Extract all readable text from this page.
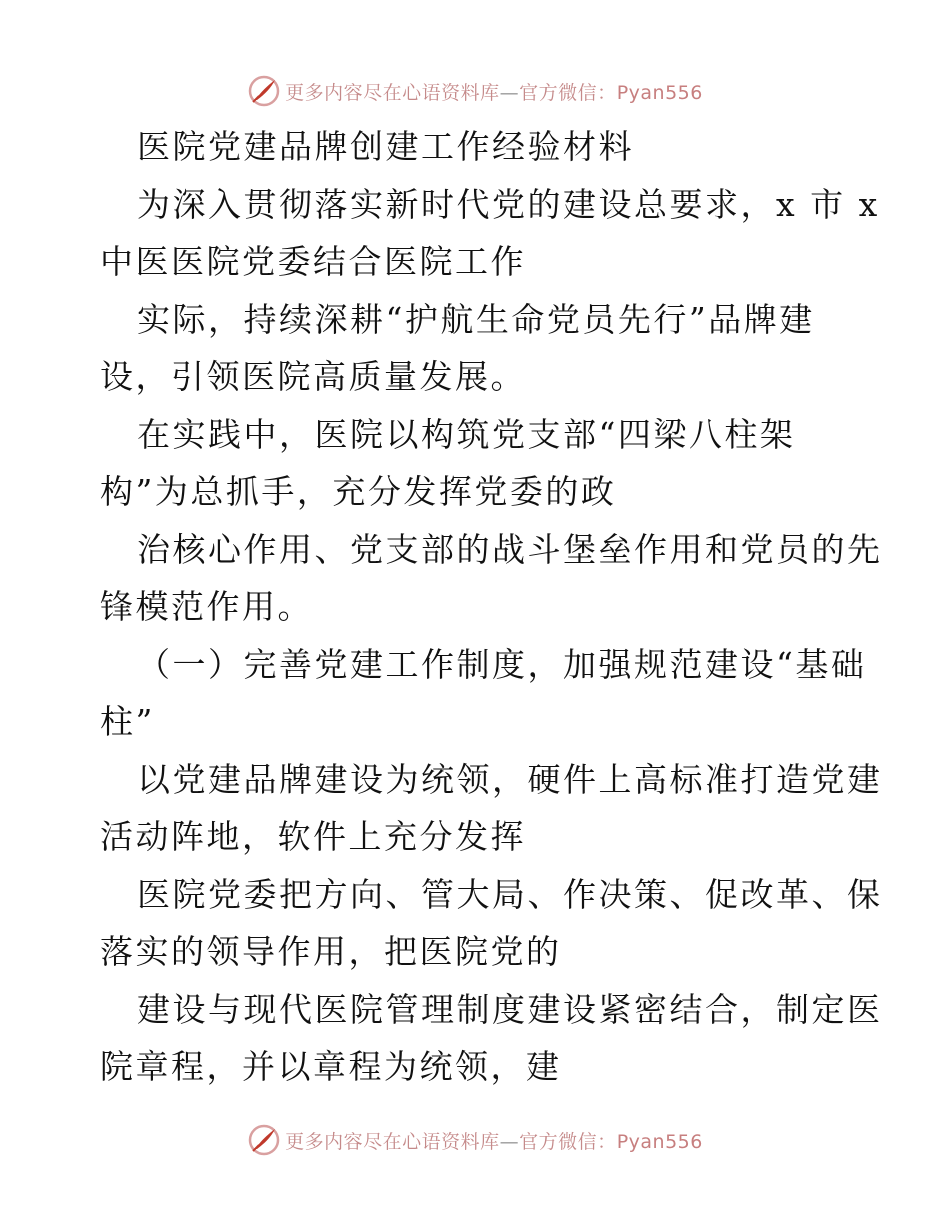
更多内容尽在心语资料库—官方微信：Pyan556
医院党建品牌创建工作经验材料
为深入贯彻落实新时代党的建设总要求，x 市 x
中医医院党委结合医院工作
实际，持续深耕“护航生命党员先行”品牌建
设，引领医院高质量发展。
在实践中，医院以构筑党支部“四梁八柱架
构”为总抓手，充分发挥党委的政
治核心作用、党支部的战斗堡垒作用和党员的先
锋模范作用。
（一）完善党建工作制度，加强规范建设“基础
柱”
以党建品牌建设为统领，硬件上高标准打造党建
活动阵地，软件上充分发挥
医院党委把方向、管大局、作决策、促改革、保
落实的领导作用，把医院党的
建设与现代医院管理制度建设紧密结合，制定医
院章程，并以章程为统领，建
更多内容尽在心语资料库—官方微信：Pyan556
